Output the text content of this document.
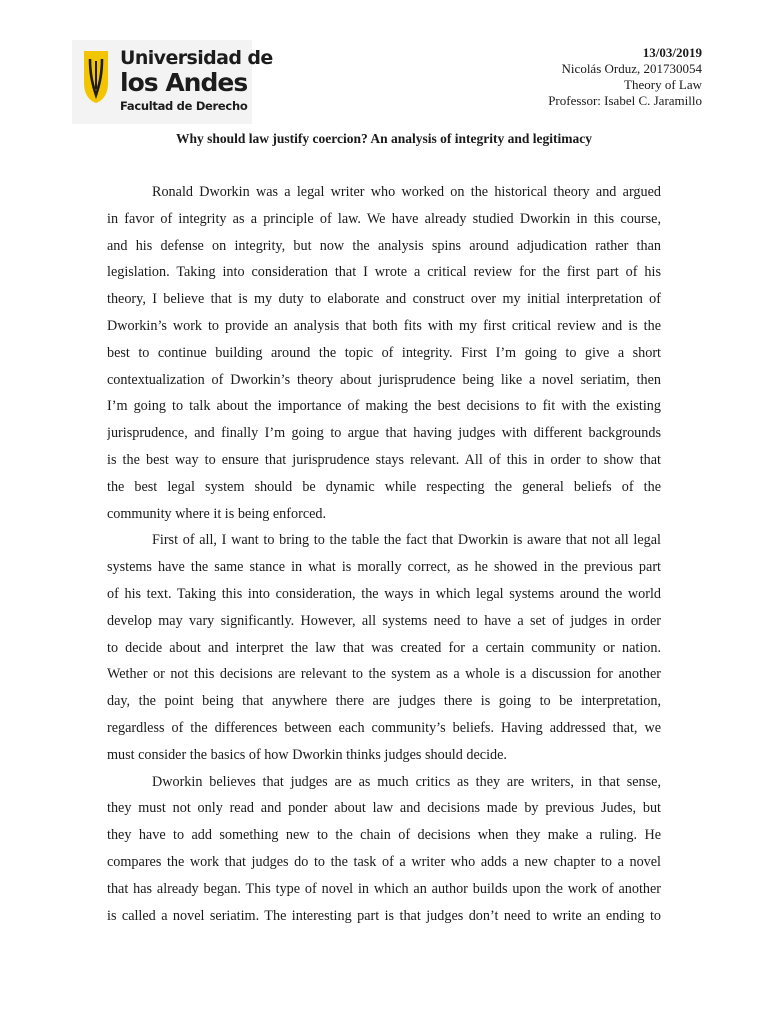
Universidad de
los Andes
Facultad de Derecho
13/03/2019
Nicolás Orduz, 201730054
Theory of Law
Professor: Isabel C. Jaramillo
Why should law justify coercion? An analysis of integrity and legitimacy
Ronald Dworkin was a legal writer who worked on the historical theory and argued
in favor of integrity as a principle of law. We have already studied Dworkin in this course,
and his defense on integrity, but now the analysis spins around adjudication rather than
legislation. Taking into consideration that I wrote a critical review for the first part of his
theory, I believe that is my duty to elaborate and construct over my initial interpretation of
Dworkin’s work to provide an analysis that both fits with my first critical review and is the
best to continue building around the topic of integrity. First I’m going to give a short
contextualization of Dworkin’s theory about jurisprudence being like a novel seriatim, then
I’m going to talk about the importance of making the best decisions to fit with the existing
jurisprudence, and finally I’m going to argue that having judges with different backgrounds
is the best way to ensure that jurisprudence stays relevant. All of this in order to show that
the best legal system should be dynamic while respecting the general beliefs of the
community where it is being enforced.
First of all, I want to bring to the table the fact that Dworkin is aware that not all legal
systems have the same stance in what is morally correct, as he showed in the previous part
of his text. Taking this into consideration, the ways in which legal systems around the world
develop may vary significantly. However, all systems need to have a set of judges in order
to decide about and interpret the law that was created for a certain community or nation.
Wether or not this decisions are relevant to the system as a whole is a discussion for another
day, the point being that anywhere there are judges there is going to be interpretation,
regardless of the differences between each community’s beliefs. Having addressed that, we
must consider the basics of how Dworkin thinks judges should decide.
Dworkin believes that judges are as much critics as they are writers, in that sense,
they must not only read and ponder about law and decisions made by previous Judes, but
they have to add something new to the chain of decisions when they make a ruling. He
compares the work that judges do to the task of a writer who adds a new chapter to a novel
that has already began. This type of novel in which an author builds upon the work of another
is called a novel seriatim. The interesting part is that judges don’t need to write an ending to
